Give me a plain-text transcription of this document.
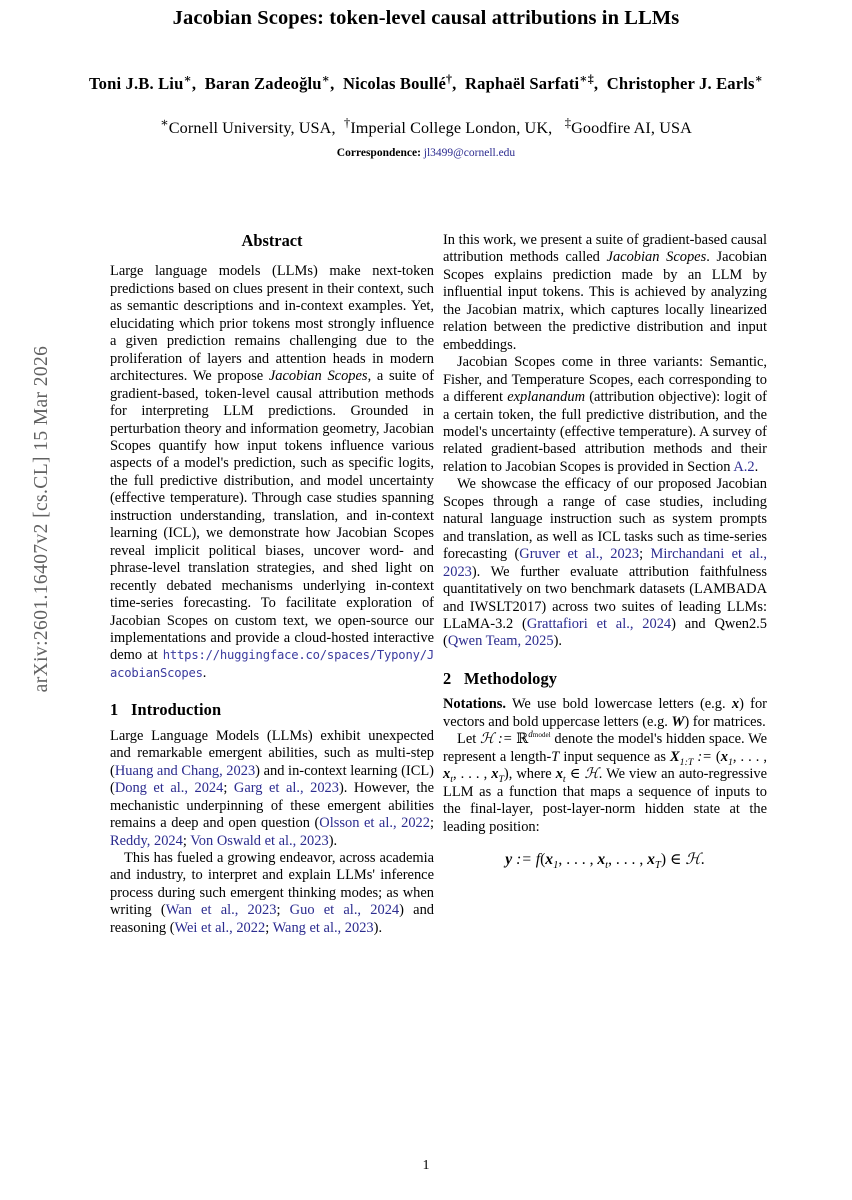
arXiv:2601.16407v2 [cs.CL] 15 Mar 2026
Jacobian Scopes: token-level causal attributions in LLMs
Toni J.B. Liu∗,  Baran Zadeoğlu∗,  Nicolas Boullé†,  Raphaël Sarfati∗‡,  Christopher J. Earls∗
∗Cornell University, USA,  †Imperial College London, UK,   ‡Goodfire AI, USA
Correspondence: jl3499@cornell.edu
Abstract

Large language models (LLMs) make next-token predictions based on clues present in their context, such as semantic descriptions and in-context examples. Yet, elucidating which prior tokens most strongly influence a given prediction remains challenging due to the proliferation of layers and attention heads in modern architectures. We propose Jacobian Scopes, a suite of gradient-based, token-level causal attribution methods for interpreting LLM predictions. Grounded in perturbation theory and information geometry, Jacobian Scopes quantify how input tokens influence various aspects of a model's prediction, such as specific logits, the full predictive distribution, and model uncertainty (effective temperature). Through case studies spanning instruction understanding, translation, and in-context learning (ICL), we demonstrate how Jacobian Scopes reveal implicit political biases, uncover word- and phrase-level translation strategies, and shed light on recently debated mechanisms underlying in-context time-series forecasting. To facilitate exploration of Jacobian Scopes on custom text, we open-source our implementations and provide a cloud-hosted interactive demo at https://huggingface.co/spaces/Typony/JacobianScopes.

1 Introduction

Large Language Models (LLMs) exhibit unexpected and remarkable emergent abilities, such as multi-step (Huang and Chang, 2023) and in-context learning (ICL) (Dong et al., 2024; Garg et al., 2023). However, the mechanistic underpinning of these emergent abilities remains a deep and open question (Olsson et al., 2022; Reddy, 2024; Von Oswald et al., 2023).

This has fueled a growing endeavor, across academia and industry, to interpret and explain LLMs' inference process during such emergent thinking modes; as when writing (Wan et al., 2023; Guo et al., 2024) and reasoning (Wei et al., 2022; Wang et al., 2023).

In this work, we present a suite of gradient-based causal attribution methods called Jacobian Scopes. Jacobian Scopes explains prediction made by an LLM by influential input tokens. This is achieved by analyzing the Jacobian matrix, which captures locally linearized relation between the predictive distribution and input embeddings.

Jacobian Scopes come in three variants: Semantic, Fisher, and Temperature Scopes, each corresponding to a different explanandum (attribution objective): logit of a certain token, the full predictive distribution, and the model's uncertainty (effective temperature). A survey of related gradient-based attribution methods and their relation to Jacobian Scopes is provided in Section A.2.

We showcase the efficacy of our proposed Jacobian Scopes through a range of case studies, including natural language instruction such as system prompts and translation, as well as ICL tasks such as time-series forecasting (Gruver et al., 2023; Mirchandani et al., 2023). We further evaluate attribution faithfulness quantitatively on two benchmark datasets (LAMBADA and IWSLT2017) across two suites of leading LLMs: LLaMA-3.2 (Grattafiori et al., 2024) and Qwen2.5 (Qwen Team, 2025).

2 Methodology

Notations. We use bold lowercase letters (e.g. x) for vectors and bold uppercase letters (e.g. W) for matrices.

Let ℋ := ℝ$^{dmodel}$ denote the model's hidden space. We represent a length-T input sequence as $X_{1:T}$ := ($x_1$, . . . , $x_t$, . . . , $x_T$), where $x_t$ ∈ ℋ. We view an auto-regressive LLM as a function that maps a sequence of inputs to the final-layer, post-layer-norm hidden state at the leading position:

y := $f(x_1$, . . . , $x_t$, . . . , $x_T$) ∈ ℋ.

1
